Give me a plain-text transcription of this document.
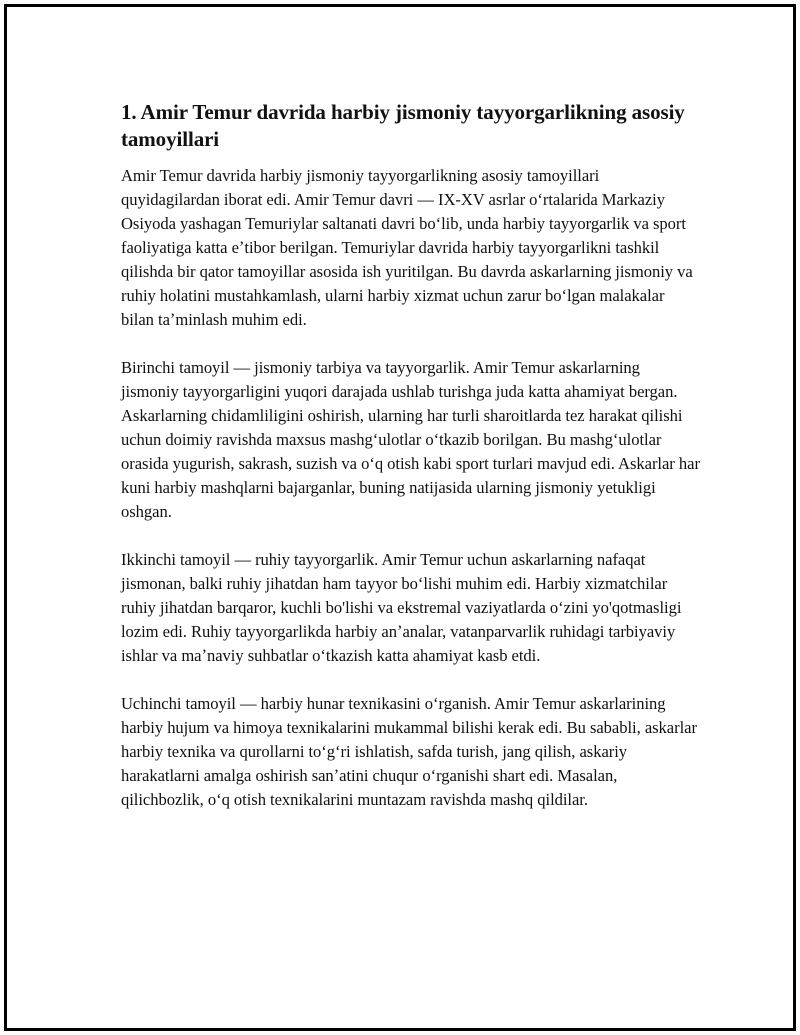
1. Amir Temur davrida harbiy jismoniy tayyorgarlikning asosiy tamoyillari

Amir Temur davrida harbiy jismoniy tayyorgarlikning asosiy tamoyillari quyidagilardan iborat edi. Amir Temur davri — IX-XV asrlar oʻrtalarida Markaziy Osiyoda yashagan Temuriylar saltanati davri boʻlib, unda harbiy tayyorgarlik va sport faoliyatiga katta eʼtibor berilgan. Temuriylar davrida harbiy tayyorgarlikni tashkil qilishda bir qator tamoyillar asosida ish yuritilgan. Bu davrda askarlarning jismoniy va ruhiy holatini mustahkamlash, ularni harbiy xizmat uchun zarur boʻlgan malakalar bilan taʼminlash muhim edi.

Birinchi tamoyil — jismoniy tarbiya va tayyorgarlik. Amir Temur askarlarning jismoniy tayyorgarligini yuqori darajada ushlab turishga juda katta ahamiyat bergan. Askarlarning chidamliligini oshirish, ularning har turli sharoitlarda tez harakat qilishi uchun doimiy ravishda maxsus mashgʻulotlar oʻtkazib borilgan. Bu mashgʻulotlar orasida yugurish, sakrash, suzish va oʻq otish kabi sport turlari mavjud edi. Askarlar har kuni harbiy mashqlarni bajarganlar, buning natijasida ularning jismoniy yetukligi oshgan.

Ikkinchi tamoyil — ruhiy tayyorgarlik. Amir Temur uchun askarlarning nafaqat jismonan, balki ruhiy jihatdan ham tayyor boʻlishi muhim edi. Harbiy xizmatchilar ruhiy jihatdan barqaror, kuchli bo'lishi va ekstremal vaziyatlarda oʻzini yo'qotmasligi lozim edi. Ruhiy tayyorgarlikda harbiy anʼanalar, vatanparvarlik ruhidagi tarbiyaviy ishlar va maʼnaviy suhbatlar oʻtkazish katta ahamiyat kasb etdi.

Uchinchi tamoyil — harbiy hunar texnikasini oʻrganish. Amir Temur askarlarining harbiy hujum va himoya texnikalarini mukammal bilishi kerak edi. Bu sababli, askarlar harbiy texnika va qurollarni toʻgʻri ishlatish, safda turish, jang qilish, askariy harakatlarni amalga oshirish sanʼatini chuqur oʻrganishi shart edi. Masalan, qilichbozlik, oʻq otish texnikalarini muntazam ravishda mashq qildilar.
